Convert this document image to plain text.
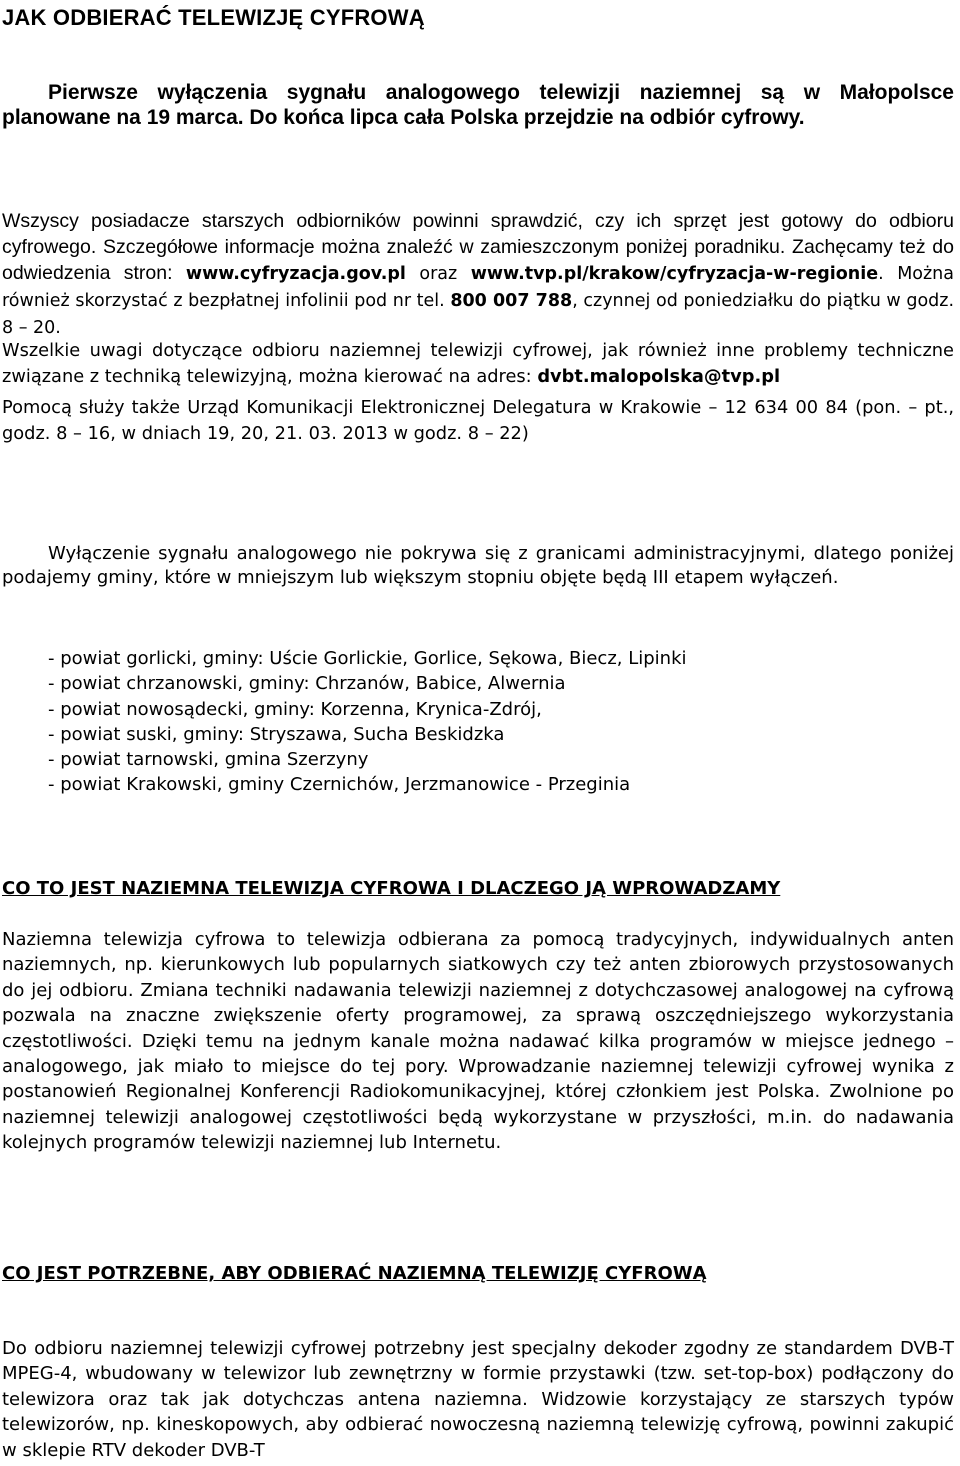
JAK ODBIERAĆ TELEWIZJĘ CYFROWĄ
Pierwsze wyłączenia sygnału analogowego telewizji naziemnej są w Małopolsce planowane na 19 marca. Do końca lipca cała Polska przejdzie na odbiór cyfrowy.
Wszyscy posiadacze starszych odbiorników powinni sprawdzić, czy ich sprzęt jest gotowy do odbioru cyfrowego. Szczegółowe informacje można znaleźć w zamieszczonym poniżej poradniku. Zachęcamy też do odwiedzenia stron: www.cyfryzacja.gov.pl oraz www.tvp.pl/krakow/cyfryzacja-w-regionie. Można również skorzystać z bezpłatnej infolinii pod nr tel. 800 007 788, czynnej od poniedziałku do piątku w godz. 8 – 20.
Wszelkie uwagi dotyczące odbioru naziemnej telewizji cyfrowej, jak również inne problemy techniczne związane z techniką telewizyjną, można kierować na adres: dvbt.malopolska@tvp.pl
Pomocą służy także Urząd Komunikacji Elektronicznej Delegatura w Krakowie – 12 634 00 84 (pon. – pt., godz. 8 – 16, w dniach 19, 20, 21. 03. 2013 w godz. 8 – 22)
Wyłączenie sygnału analogowego nie pokrywa się z granicami administracyjnymi, dlatego poniżej podajemy gminy, które w mniejszym lub większym stopniu objęte będą III etapem wyłączeń.
- powiat gorlicki, gminy: Uście Gorlickie, Gorlice, Sękowa, Biecz, Lipinki
- powiat chrzanowski, gminy: Chrzanów, Babice, Alwernia
- powiat nowosądecki, gminy: Korzenna, Krynica-Zdrój,
- powiat suski, gminy: Stryszawa, Sucha Beskidzka
- powiat tarnowski, gmina Szerzyny
- powiat Krakowski, gminy Czernichów, Jerzmanowice - Przeginia
CO TO JEST NAZIEMNA TELEWIZJA CYFROWA I DLACZEGO JĄ WPROWADZAMY
Naziemna telewizja cyfrowa to telewizja odbierana za pomocą tradycyjnych, indywidualnych anten naziemnych, np. kierunkowych lub popularnych siatkowych czy też anten zbiorowych przystosowanych do jej odbioru. Zmiana techniki nadawania telewizji naziemnej z dotychczasowej analogowej na cyfrową pozwala na znaczne zwiększenie oferty programowej, za sprawą oszczędniejszego wykorzystania częstotliwości. Dzięki temu na jednym kanale można nadawać kilka programów w miejsce jednego – analogowego, jak miało to miejsce do tej pory. Wprowadzanie naziemnej telewizji cyfrowej wynika z postanowień Regionalnej Konferencji Radiokomunikacyjnej, której członkiem jest Polska. Zwolnione po naziemnej telewizji analogowej częstotliwości będą wykorzystane w przyszłości, m.in. do nadawania kolejnych programów telewizji naziemnej lub Internetu.
CO JEST POTRZEBNE, ABY ODBIERAĆ NAZIEMNĄ TELEWIZJĘ CYFROWĄ
Do odbioru naziemnej telewizji cyfrowej potrzebny jest specjalny dekoder zgodny ze standardem DVB-T MPEG-4, wbudowany w telewizor lub zewnętrzny w formie przystawki (tzw. set-top-box) podłączony do telewizora oraz tak jak dotychczas antena naziemna. Widzowie korzystający ze starszych typów telewizorów, np. kineskopowych, aby odbierać nowoczesną naziemną telewizję cyfrową, powinni zakupić w sklepie RTV dekoder DVB-T
